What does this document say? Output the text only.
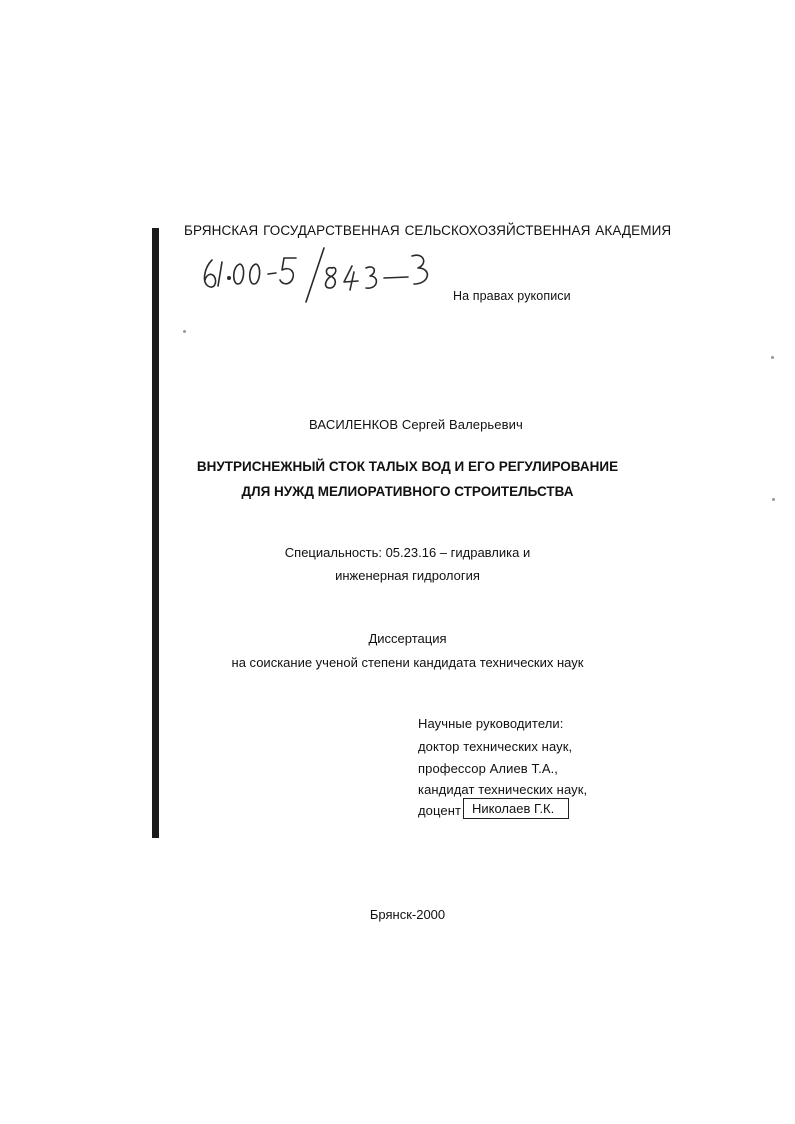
БРЯНСКАЯ ГОСУДАРСТВЕННАЯ СЕЛЬСКОХОЗЯЙСТВЕННАЯ АКАДЕМИЯ
На правах рукописи
ВАСИЛЕНКОВ Сергей Валерьевич
ВНУТРИСНЕЖНЫЙ СТОК ТАЛЫХ ВОД И ЕГО РЕГУЛИРОВАНИЕ
ДЛЯ НУЖД МЕЛИОРАТИВНОГО СТРОИТЕЛЬСТВА
Специальность: 05.23.16 – гидравлика и
инженерная гидрология
Диссертация
на соискание ученой степени кандидата технических наук
Научные руководители:
доктор технических наук,
профессор Алиев Т.А.,
кандидат технических наук,
доцент Николаев Г.К.
Брянск-2000
